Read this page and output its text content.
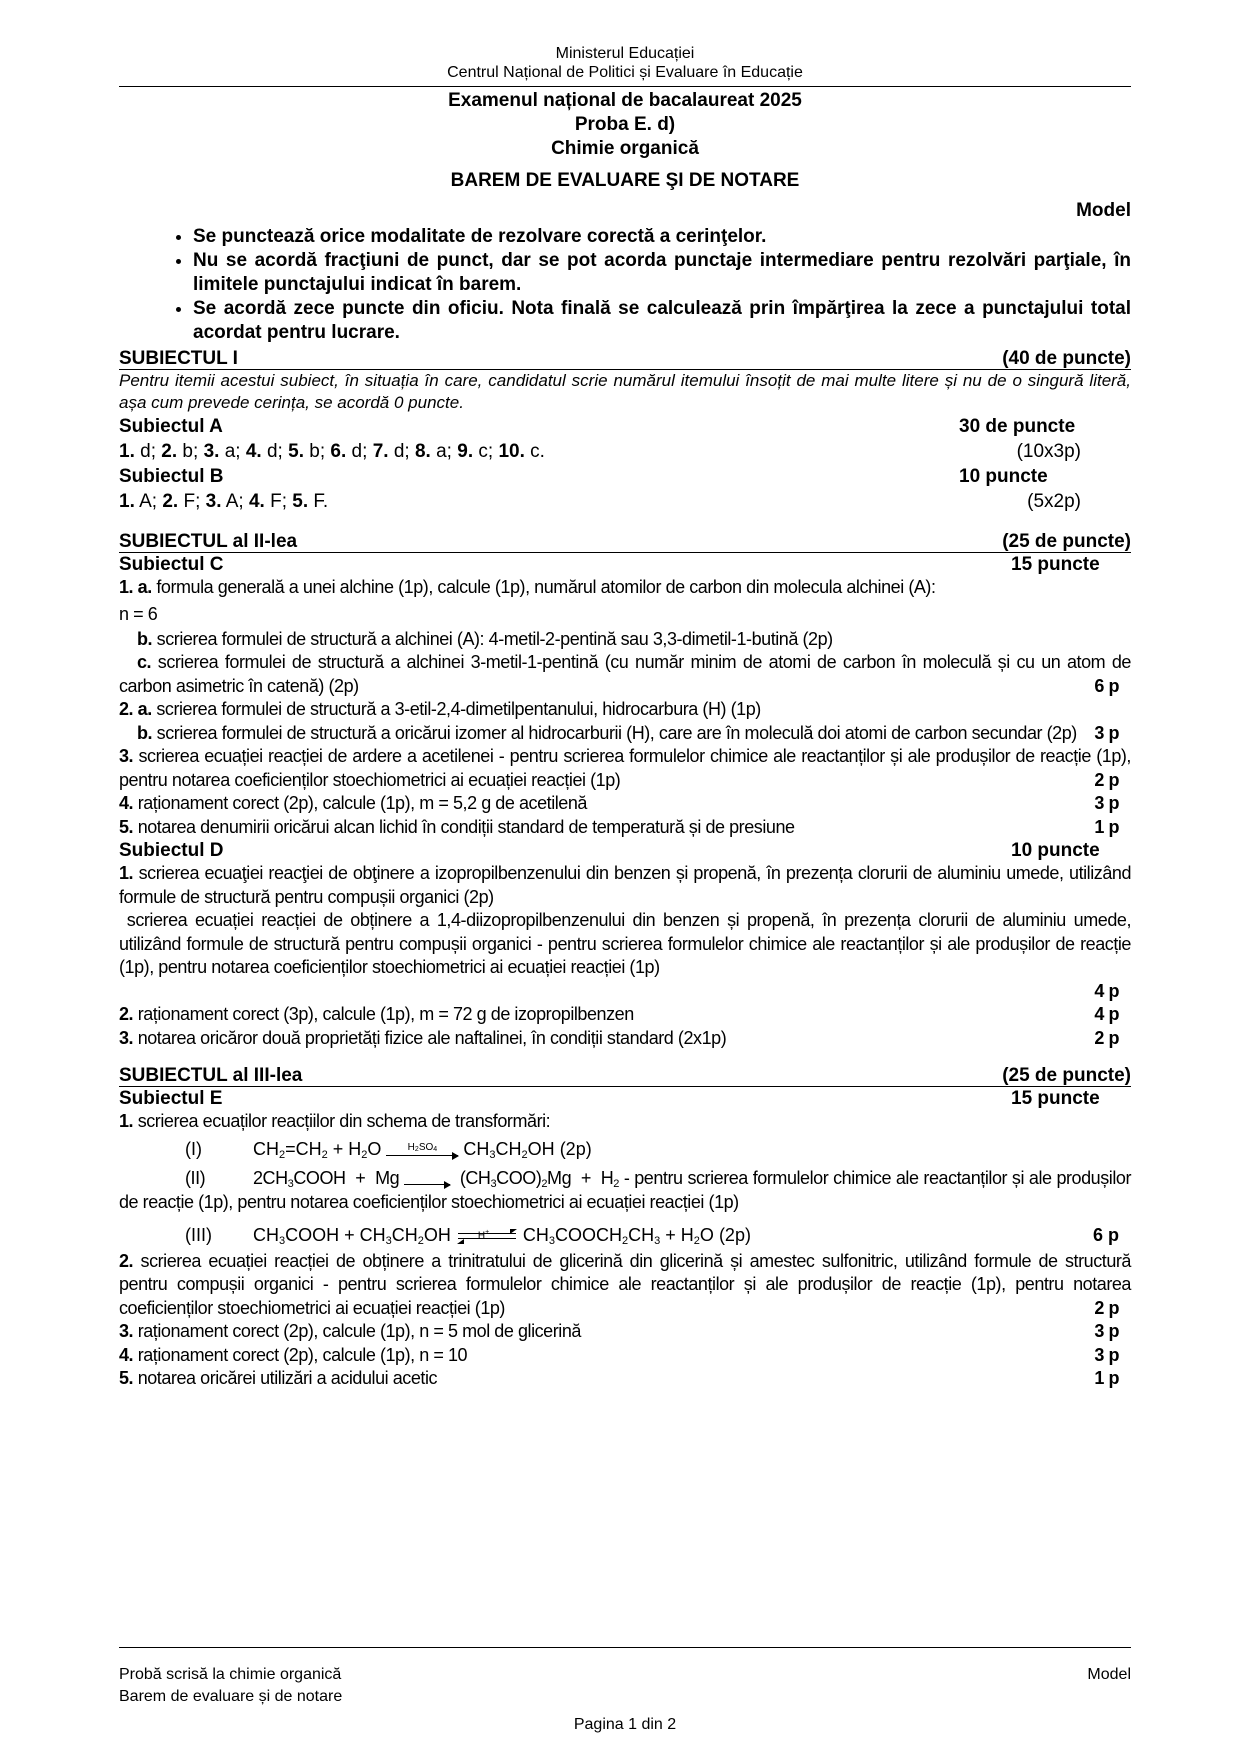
Ministerul Educației
Centrul Național de Politici și Evaluare în Educație
Examenul național de bacalaureat 2025
Proba E. d)
Chimie organică
BAREM DE EVALUARE ŞI DE NOTARE
Model
• Se punctează orice modalitate de rezolvare corectă a cerinţelor.
• Nu se acordă fracţiuni de punct, dar se pot acorda punctaje intermediare pentru rezolvări parţiale, în limitele punctajului indicat în barem.
• Se acordă zece puncte din oficiu. Nota finală se calculează prin împărţirea la zece a punctajului total acordat pentru lucrare.
SUBIECTUL I	(40 de puncte)
Pentru itemii acestui subiect, în situația în care, candidatul scrie numărul itemului însoțit de mai multe litere și nu de o singură literă, așa cum prevede cerința, se acordă 0 puncte.
Subiectul A	30 de puncte
1. d; 2. b; 3. a; 4. d; 5. b; 6. d; 7. d; 8. a; 9. c; 10. c.	(10x3p)
Subiectul B	10 puncte
1. A; 2. F; 3. A; 4. F; 5. F.	(5x2p)
SUBIECTUL al II-lea	(25 de puncte)
Subiectul C	15 puncte
1. a. formula generală a unei alchine (1p), calcule (1p), numărul atomilor de carbon din molecula alchinei (A):
n = 6
b. scrierea formulei de structură a alchinei (A): 4-metil-2-pentină sau 3,3-dimetil-1-butină (2p)
c. scrierea formulei de structură a alchinei 3-metil-1-pentină (cu număr minim de atomi de carbon în moleculă și cu un atom de carbon asimetric în catenă) (2p)	6 p
2. a. scrierea formulei de structură a 3-etil-2,4-dimetilpentanului, hidrocarbura (H) (1p)
b. scrierea formulei de structură a oricărui izomer al hidrocarburii (H), care are în moleculă doi atomi de carbon secundar (2p) 3 p
3. scrierea ecuației reacției de ardere a acetilenei - pentru scrierea formulelor chimice ale reactanților și ale produșilor de reacție (1p), pentru notarea coeficienților stoechiometrici ai ecuației reacției (1p)	2 p
4. raționament corect (2p), calcule (1p), m = 5,2 g de acetilenă	3 p
5. notarea denumirii oricărui alcan lichid în condiții standard de temperatură și de presiune	1 p
Subiectul D	10 puncte
1. scrierea ecuaţiei reacţiei de obţinere a izopropilbenzenului din benzen și propenă, în prezența clorurii de aluminiu umede, utilizând formule de structură pentru compușii organici (2p)
scrierea ecuației reacției de obținere a 1,4-diizopropilbenzenului din benzen și propenă, în prezența clorurii de aluminiu umede, utilizând formule de structură pentru compușii organici - pentru scrierea formulelor chimice ale reactanților și ale produșilor de reacție (1p), pentru notarea coeficienților stoechiometrici ai ecuației reacției (1p)
4 p
2. raționament corect (3p), calcule (1p), m = 72 g de izopropilbenzen	4 p
3. notarea oricăror două proprietăți fizice ale naftalinei, în condiții standard (2x1p)	2 p
SUBIECTUL al III-lea	(25 de puncte)
Subiectul E	15 puncte
1. scrierea ecuaților reacțiilor din schema de transformări:
(I)	$CH_2=CH_2 + H_2O$	$H_2SO_4$	$CH_3CH_2OH$ (2p)
(II)	$2CH_3COOH + Mg$
→ $(CH_3COO)_2Mg + H_2$ - pentru scrierea formulelor chimice ale reactanților și ale produșilor de reacție (1p), pentru notarea coeficienților stoechiometrici ai ecuației reacției (1p)
(III)	$CH_3COOH + CH_3CH_2OH$ H+ $CH_3COOCH_2CH_3 + H_2O$ (2p)	6 p
2. scrierea ecuației reacției de obținere a trinitratului de glicerină din glicerină și amestec sulfonitric, utilizând formule de structură pentru compușii organici - pentru scrierea formulelor chimice ale reactanților și ale produșilor de reacție (1p), pentru notarea coeficienților stoechiometrici ai ecuației reacției (1p)	2 p
3. raționament corect (2p), calcule (1p), n = 5 mol de glicerină	3 p
4. raționament corect (2p), calcule (1p), n = 10	3 p
5. notarea oricărei utilizări a acidului acetic	1 p
Probă scrisă la chimie organică	Model
Barem de evaluare și de notare
Pagina 1 din 2
